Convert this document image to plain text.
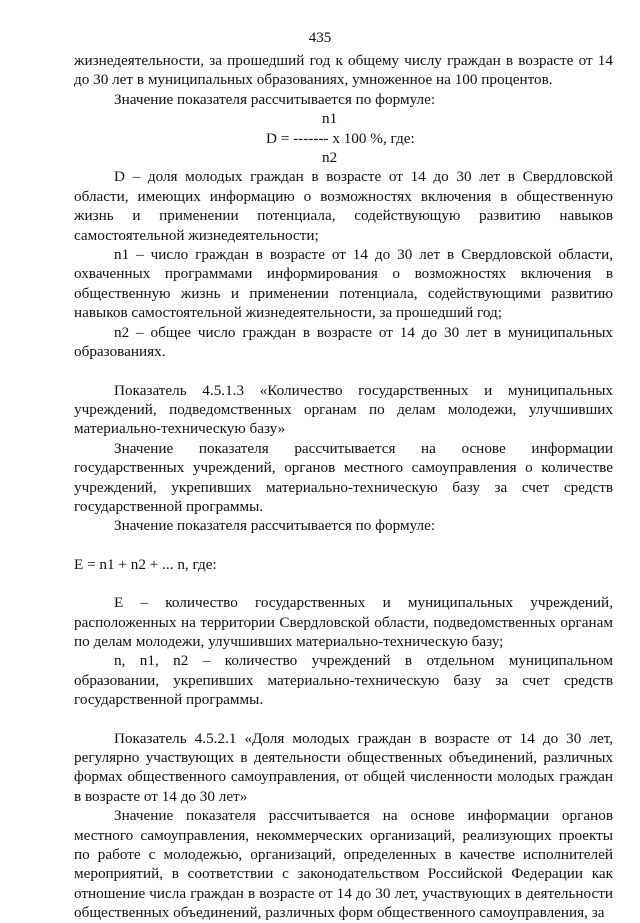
435

жизнедеятельности, за прошедший год к общему числу граждан в возрасте от 14 до 30 лет в муниципальных образованиях, умноженное на 100 процентов.

Значение показателя рассчитывается по формуле:

n1
D = ------- х 100 %, где:
n2

D – доля молодых граждан в возрасте от 14 до 30 лет в Свердловской области, имеющих информацию о возможностях включения в общественную жизнь и применении потенциала, содействующую развитию навыков самостоятельной жизнедеятельности;

n1 – число граждан в возрасте от 14 до 30 лет в Свердловской области, охваченных программами информирования о возможностях включения в общественную жизнь и применении потенциала, содействующими развитию навыков самостоятельной жизнедеятельности, за прошедший год;

n2 – общее число граждан в возрасте от 14 до 30 лет в муниципальных образованиях.

Показатель 4.5.1.3 «Количество государственных и муниципальных учреждений, подведомственных органам по делам молодежи, улучшивших материально-техническую базу»

Значение показателя рассчитывается на основе информации государственных учреждений, органов местного самоуправления о количестве учреждений, укрепивших материально-техническую базу за счет средств государственной программы.

Значение показателя рассчитывается по формуле:

E = n1 + n2 + ... n, где:

E – количество государственных и муниципальных учреждений, расположенных на территории Свердловской области, подведомственных органам по делам молодежи, улучшивших материально-техническую базу;

n, n1, n2 – количество учреждений в отдельном муниципальном образовании, укрепивших материально-техническую базу за счет средств государственной программы.

Показатель 4.5.2.1 «Доля молодых граждан в возрасте от 14 до 30 лет, регулярно участвующих в деятельности общественных объединений, различных формах общественного самоуправления, от общей численности молодых граждан в возрасте от 14 до 30 лет»

Значение показателя рассчитывается на основе информации органов местного самоуправления, некоммерческих организаций, реализующих проекты по работе с молодежью, организаций, определенных в качестве исполнителей мероприятий, в соответствии с законодательством Российской Федерации как отношение числа граждан в возрасте от 14 до 30 лет, участвующих в деятельности общественных объединений, различных форм общественного самоуправления, за
